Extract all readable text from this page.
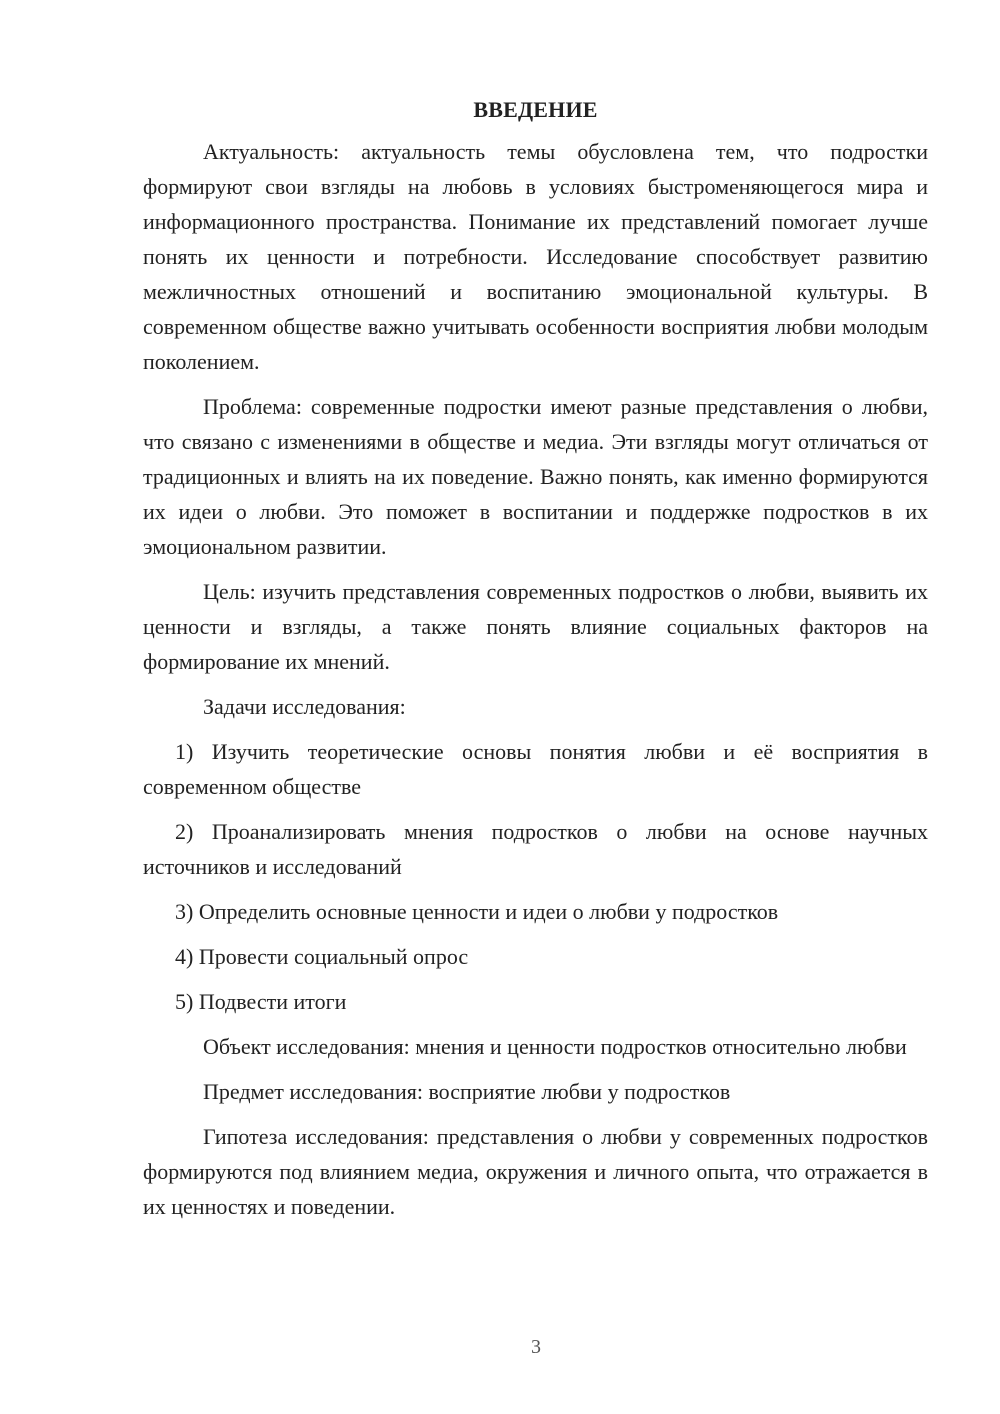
ВВЕДЕНИЕ

Актуальность: актуальность темы обусловлена тем, что подростки формируют свои взгляды на любовь в условиях быстроменяющегося мира и информационного пространства. Понимание их представлений помогает лучше понять их ценности и потребности. Исследование способствует развитию межличностных отношений и воспитанию эмоциональной культуры. В современном обществе важно учитывать особенности восприятия любви молодым поколением.

Проблема: современные подростки имеют разные представления о любви, что связано с изменениями в обществе и медиа. Эти взгляды могут отличаться от традиционных и влиять на их поведение. Важно понять, как именно формируются их идеи о любви. Это поможет в воспитании и поддержке подростков в их эмоциональном развитии.

Цель: изучить представления современных подростков о любви, выявить их ценности и взгляды, а также понять влияние социальных факторов на формирование их мнений.

Задачи исследования:

1) Изучить теоретические основы понятия любви и её восприятия в современном обществе

2) Проанализировать мнения подростков о любви на основе научных источников и исследований

3) Определить основные ценности и идеи о любви у подростков

4) Провести социальный опрос

5) Подвести итоги

Объект исследования: мнения и ценности подростков относительно любви

Предмет исследования: восприятие любви у подростков

Гипотеза исследования: представления о любви у современных подростков формируются под влиянием медиа, окружения и личного опыта, что отражается в их ценностях и поведении.

3
